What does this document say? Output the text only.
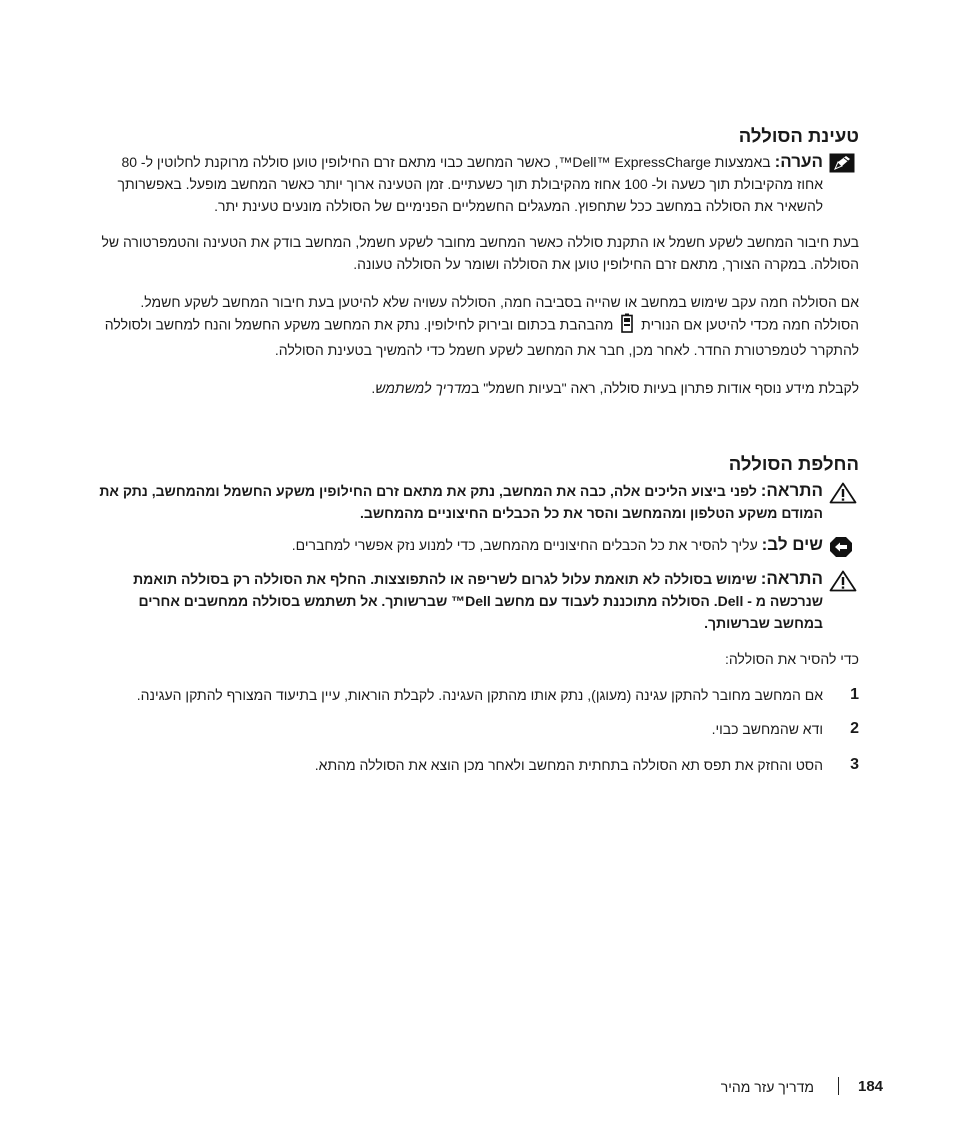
טעינת הסוללה
הערה: באמצעות Dell™ ExpressCharge™, כאשר המחשב כבוי מתאם זרם החילופין טוען סוללה מרוקנת לחלוטין ל- 80 אחוז מהקיבולת תוך כשעה ול- 100 אחוז מהקיבולת תוך כשעתיים. זמן הטעינה ארוך יותר כאשר המחשב מופעל. באפשרותך להשאיר את הסוללה במחשב ככל שתחפוץ. המעגלים החשמליים הפנימיים של הסוללה מונעים טעינת יתר.

בעת חיבור המחשב לשקע חשמל או התקנת סוללה כאשר המחשב מחובר לשקע חשמל, המחשב בודק את הטעינה והטמפרטורה של הסוללה. במקרה הצורך, מתאם זרם החילופין טוען את הסוללה ושומר על הסוללה טעונה.

אם הסוללה חמה עקב שימוש במחשב או שהייה בסביבה חמה, הסוללה עשויה שלא להיטען בעת חיבור המחשב לשקע חשמל. הסוללה חמה מכדי להיטען אם הנורית  מהבהבת בכתום ובירוק לחילופין. נתק את המחשב משקע החשמל והנח למחשב ולסוללה להתקרר לטמפרטורת החדר. לאחר מכן, חבר את המחשב לשקע חשמל כדי להמשיך בטעינת הסוללה.

לקבלת מידע נוסף אודות פתרון בעיות סוללה, ראה "בעיות חשמל" במדריך למשתמש.

החלפת הסוללה
התראה: לפני ביצוע הליכים אלה, כבה את המחשב, נתק את מתאם זרם החילופין משקע החשמל ומהמחשב, נתק את המודם משקע הטלפון ומהמחשב והסר את כל הכבלים החיצוניים מהמחשב.
שים לב: עליך להסיר את כל הכבלים החיצוניים מהמחשב, כדי למנוע נזק אפשרי למחברים.
התראה: שימוש בסוללה לא תואמת עלול לגרום לשריפה או להתפוצצות. החלף את הסוללה רק בסוללה תואמת שנרכשה מ - Dell. הסוללה מתוכננת לעבוד עם מחשב Dell™ שברשותך. אל תשתמש בסוללה ממחשבים אחרים במחשב שברשותך.

כדי להסיר את הסוללה:

1
אם המחשב מחובר להתקן עגינה (מעוגן), נתק אותו מהתקן העגינה. לקבלת הוראות, עיין בתיעוד המצורף להתקן העגינה.
2
ודא שהמחשב כבוי.
3
הסט והחזק את תפס תא הסוללה בתחתית המחשב ולאחר מכן הוצא את הסוללה מהתא.
184
מדריך עזר מהיר
